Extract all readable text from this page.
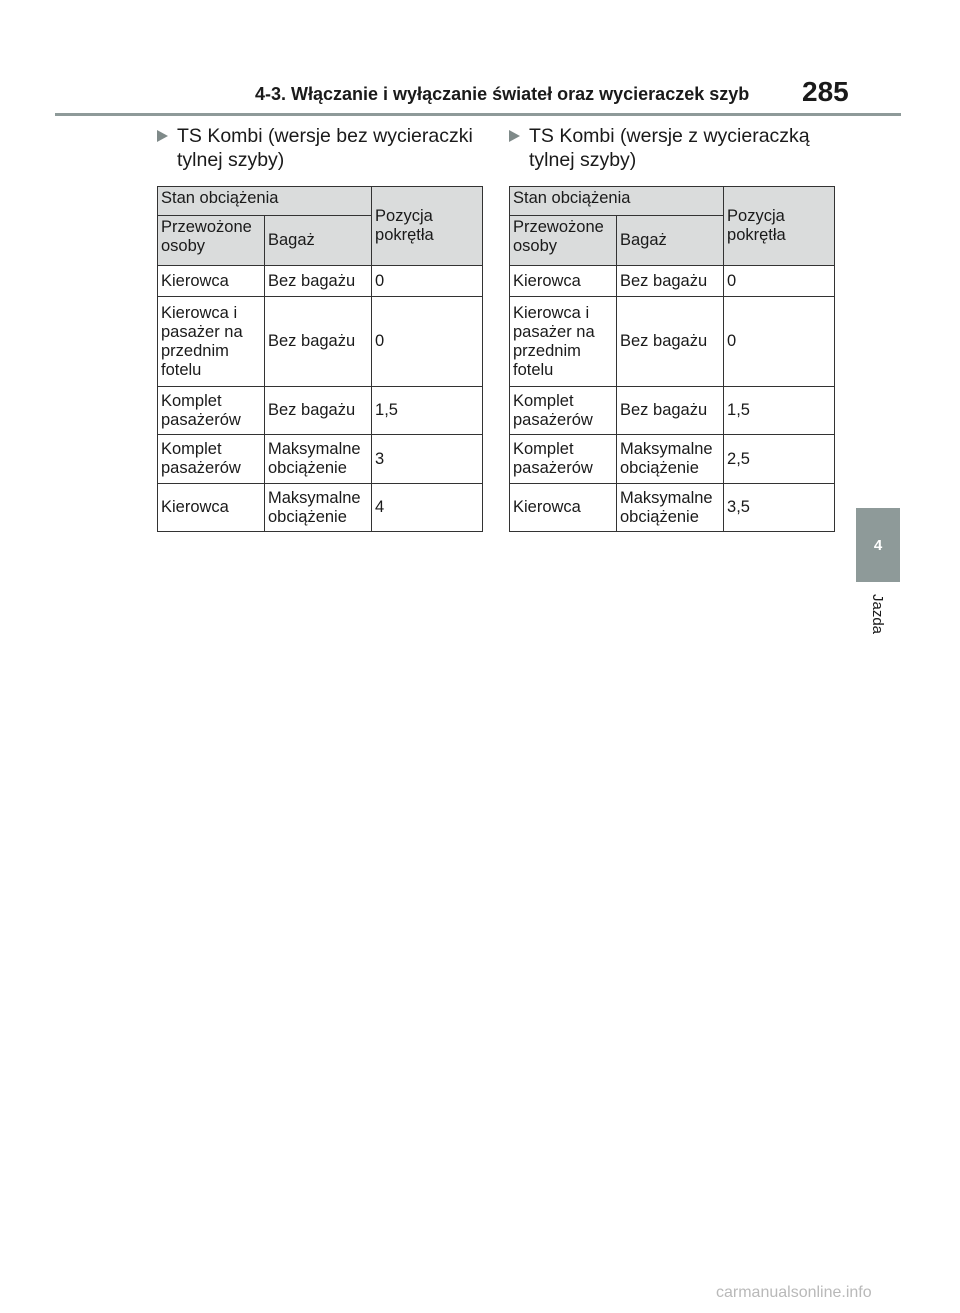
4-3. Włączanie i wyłączanie świateł oraz wycieraczek szyb 285
TS Kombi (wersje bez wycieraczki
tylnej szyby)
Stan obciążenia		Pozycja pokrętła
Przewożone osoby	Bagaż	
Kierowca	Bez bagażu	0
Kierowca i pasażer na przednim fotelu	Bez bagażu	0
Komplet pasażerów	Bez bagażu	1,5
Komplet pasażerów	Maksymalne obciążenie	3
Kierowca	Maksymalne obciążenie	4
TS Kombi (wersje z wycieraczką
tylnej szyby)
Stan obciążenia		Pozycja pokrętła
Przewożone osoby	Bagaż	
Kierowca	Bez bagażu	0
Kierowca i pasażer na przednim fotelu	Bez bagażu	0
Komplet pasażerów	Bez bagażu	1,5
Komplet pasażerów	Maksymalne obciążenie	2,5
Kierowca	Maksymalne obciążenie	3,5
4
Jazda
carmanualsonline.info
